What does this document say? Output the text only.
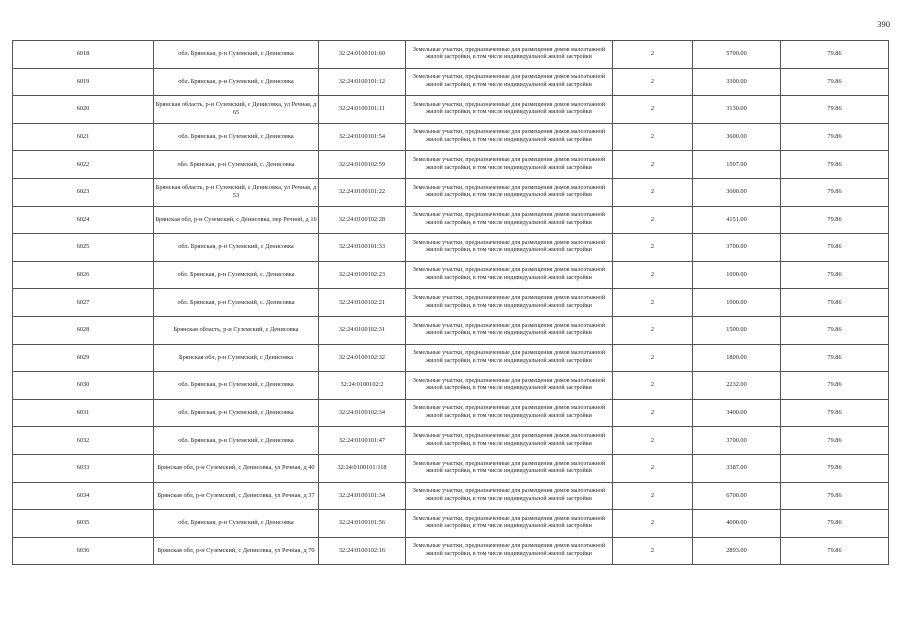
390
6018	обл. Брянская, р-н Суземский, с Денисовка	32:24:0100101:60	Земельные участки, предназначенные для размещения домов малоэтажной жилой застройки, в том числе индивидуальной жилой застройки	2	5700.00	79.86	
6019	обл. Брянская, р-н Суземский, с Денисовка	32:24:0100101:12	Земельные участки, предназначенные для размещения домов малоэтажной жилой застройки, в том числе индивидуальной жилой застройки	2	3300.00	79.86	
6020	Брянская область, р-н Суземский, с Денисовка, ул Речная, д 65	32:24:0100101:11	Земельные участки, предназначенные для размещения домов малоэтажной жилой застройки, в том числе индивидуальной жилой застройки	2	3130.00	79.86	
6021	обл. Брянская, р-н Суземский, с Денисовка	32:24:0100101:54	Земельные участки, предназначенные для размещения домов малоэтажной жилой застройки, в том числе индивидуальной жилой застройки	2	3600.00	79.86	
6022	обл. Брянская, р-н Суземский, с. Денисовка	32:24:0100102:59	Земельные участки, предназначенные для размещения домов малоэтажной жилой застройки, в том числе индивидуальной жилой застройки	2	1507.00	79.86	
6023	Брянская область, р-н Суземский, с Денисовка, ул Речная, д 53	32:24:0100101:22	Земельные участки, предназначенные для размещения домов малоэтажной жилой застройки, в том числе индивидуальной жилой застройки	2	3000.00	79.86	
6024	Брянская обл, р-н Суземский, с Денисовка, пер Речной, д 16	32:24:0100102:28	Земельные участки, предназначенные для размещения домов малоэтажной жилой застройки, в том числе индивидуальной жилой застройки	2	4151.00	79.86	
6025	обл. Брянская, р-н Суземский, с Денисовка	32:24:0100101:33	Земельные участки, предназначенные для размещения домов малоэтажной жилой застройки, в том числе индивидуальной жилой застройки	2	3700.00	79.86	
6026	обл. Брянская, р-н Суземский, с. Денисовка	32:24:0100102:23	Земельные участки, предназначенные для размещения домов малоэтажной жилой застройки, в том числе индивидуальной жилой застройки	2	1000.00	79.86	
6027	обл. Брянская, р-н Суземский, с. Денисовка	32:24:0100102:21	Земельные участки, предназначенные для размещения домов малоэтажной жилой застройки, в том числе индивидуальной жилой застройки	2	1000.00	79.86	
6028	Брянская область, р-н Суземский, с Денисовка	32:24:0100102:31	Земельные участки, предназначенные для размещения домов малоэтажной жилой застройки, в том числе индивидуальной жилой застройки	2	1500.00	79.86	
6029	Брянская обл, р-н Суземский, с Денисовка	32:24:0100102:32	Земельные участки, предназначенные для размещения домов малоэтажной жилой застройки, в том числе индивидуальной жилой застройки	2	1800.00	79.86	
6030	обл. Брянская, р-н Суземский, с Денисовка	32:24:0100102:2	Земельные участки, предназначенные для размещения домов малоэтажной жилой застройки, в том числе индивидуальной жилой застройки	2	2232.00	79.86	
6031	обл. Брянская, р-н Суземский, с Денисовка	32:24:0100102:34	Земельные участки, предназначенные для размещения домов малоэтажной жилой застройки, в том числе индивидуальной жилой застройки	2	3400.00	79.86	
6032	обл. Брянская, р-н Суземский, с Денисовка	32:24:0100101:47	Земельные участки, предназначенные для размещения домов малоэтажной жилой застройки, в том числе индивидуальной жилой застройки	2	3700.00	79.86	
6033	Брянская обл, р-н Суземский, с Денисовка, ул Речная, д 40	32:24:0100101:118	Земельные участки, предназначенные для размещения домов малоэтажной жилой застройки, в том числе индивидуальной жилой застройки	2	3387.00	79.86	
6034	Брянская обл, р-н Суземский, с Денисовка, ул Речная, д 37	32:24:0100101:34	Земельные участки, предназначенные для размещения домов малоэтажной жилой застройки, в том числе индивидуальной жилой застройки	2	6700.00	79.86	
6035	обл. Брянская, р-н Суземский, с Денисовка	32:24:0100101:56	Земельные участки, предназначенные для размещения домов малоэтажной жилой застройки, в том числе индивидуальной жилой застройки	2	4000.00	79.86	
6036	Брянская обл, р-н Суземский, с Денисовка, ул Речная, д 70	32:24:0100102:16	Земельные участки, предназначенные для размещения домов малоэтажной жилой застройки, в том числе индивидуальной жилой застройки	2	2893.00	79.86	
